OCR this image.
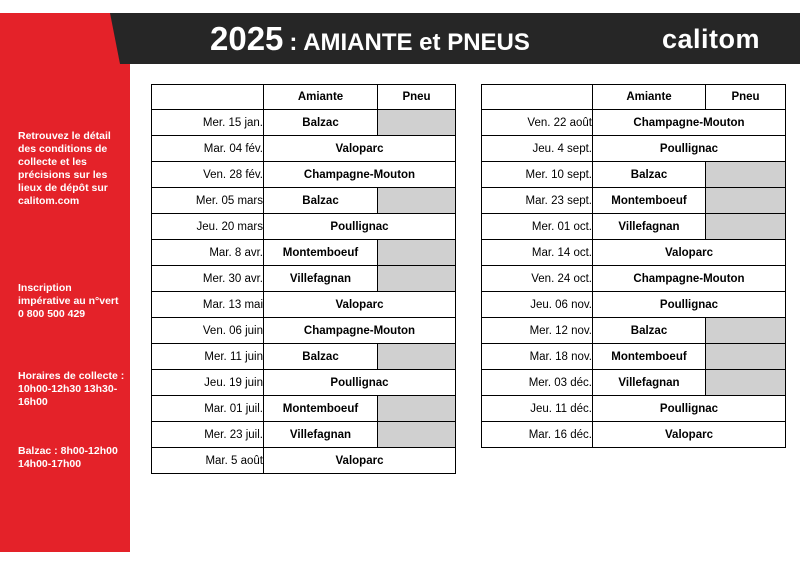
2025 : AMIANTE et PNEUS	calitom
Retrouvez le détail des conditions de collecte et les précisions sur les lieux de dépôt sur calitom.com
Inscription impérative au n°vert 0 800 500 429
Horaires de collecte : 10h00-12h30 13h30-16h00
Balzac : 8h00-12h00 14h00-17h00
	Amiante	Pneu
Mer. 15 jan.	Balzac	
Mar. 04 fév.	Valoparc	
Ven. 28 fév.	Champagne-Mouton	
Mer. 05 mars	Balzac	
Jeu. 20 mars	Poullignac	
Mar. 8 avr.	Montemboeuf	
Mer. 30 avr.	Villefagnan	
Mar. 13 mai	Valoparc	
Ven. 06 juin	Champagne-Mouton	
Mer. 11 juin	Balzac	
Jeu. 19 juin	Poullignac	
Mar. 01 juil.	Montemboeuf	
Mer. 23 juil.	Villefagnan	
Mar. 5 août	Valoparc	
	Amiante	Pneu
Ven. 22 août	Champagne-Mouton	
Jeu. 4 sept.	Poullignac	
Mer. 10 sept.	Balzac	
Mar. 23 sept.	Montemboeuf	
Mer. 01 oct.	Villefagnan	
Mar. 14 oct.	Valoparc	
Ven. 24 oct.	Champagne-Mouton	
Jeu. 06 nov.	Poullignac	
Mer. 12 nov.	Balzac	
Mar. 18 nov.	Montemboeuf	
Mer. 03 déc.	Villefagnan	
Jeu. 11 déc.	Poullignac	
Mar. 16 déc.	Valoparc	
